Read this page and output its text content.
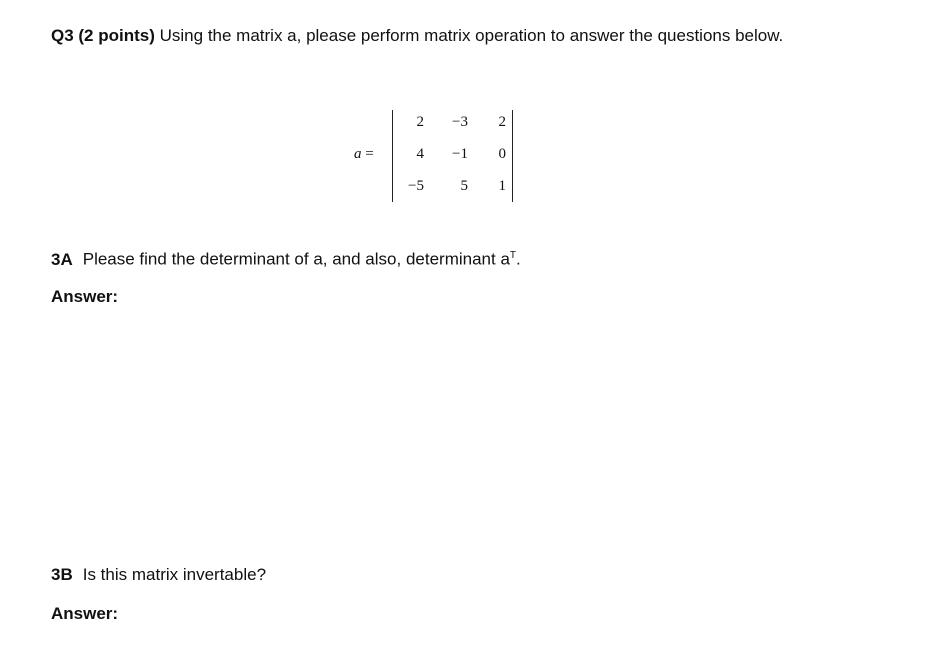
Q3 (2 points) Using the matrix a, please perform matrix operation to answer the questions below.
a =
2	−3	2
4	−1	0
−5	5	1
3A Please find the determinant of a, and also, determinant $a^T$.
Answer:
3B Is this matrix invertable?
Answer:
